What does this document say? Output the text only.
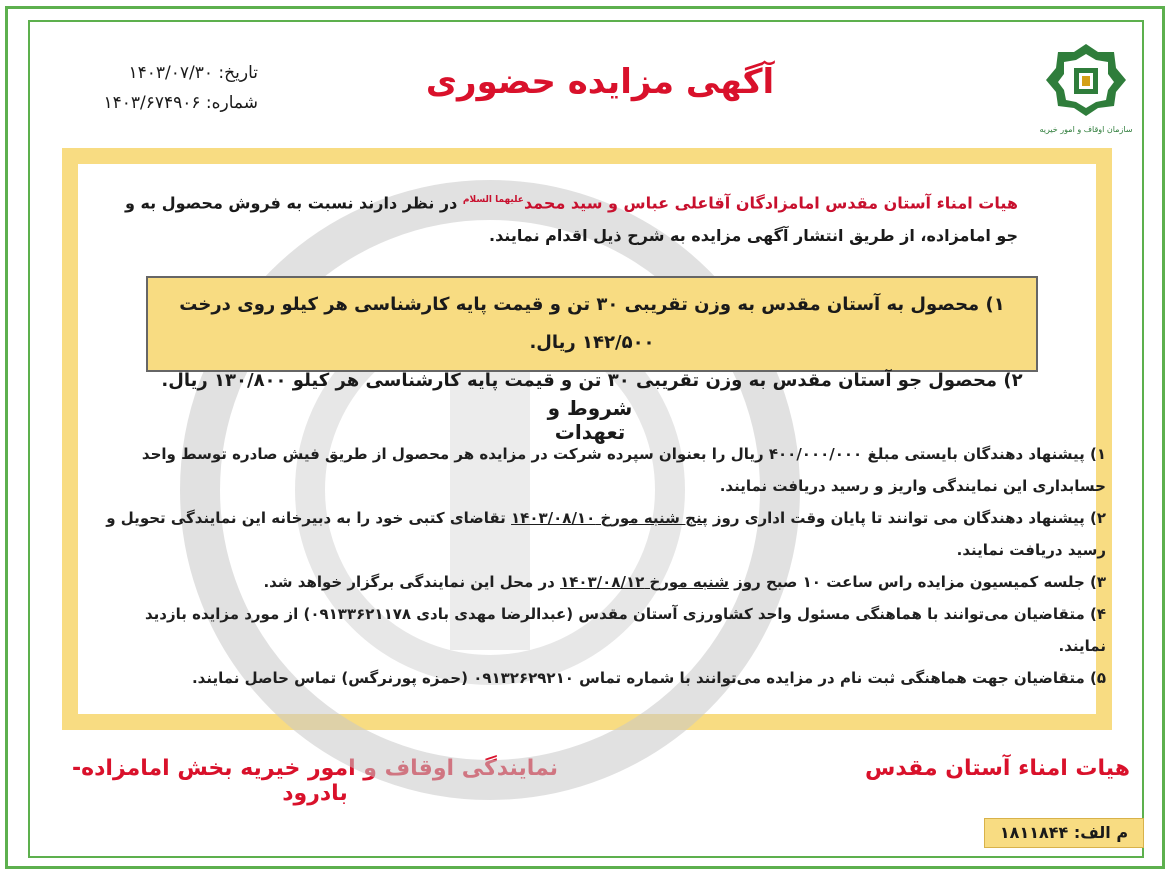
سازمان اوقاف و امور خیریه
آگهی مزایده حضوری
تاریخ: ۱۴۰۳/۰۷/۳۰
شماره: ۱۴۰۳/۶۷۴۹۰۶
هیات امناء آستان مقدس امامزادگان آقاعلی عباس و سید محمد$^{علیهما السلام}$ در نظر دارند نسبت به فروش محصول به و جو امامزاده، از طریق انتشار آگهی مزایده به شرح ذیل اقدام نمایند.
۱) محصول به آستان مقدس به وزن تقریبی ۳۰ تن و قیمت پایه کارشناسی هر کیلو روی درخت ۱۴۲/۵۰۰ ریال.
۲) محصول جو آستان مقدس به وزن تقریبی ۳۰ تن و قیمت پایه کارشناسی هر کیلو ۱۳۰/۸۰۰ ریال.
شروط و تعهدات
۱) پیشنهاد دهندگان بایستی مبلغ ۴۰۰/۰۰۰/۰۰۰ ریال را بعنوان سپرده شرکت در مزایده هر محصول از طریق فیش صادره توسط واحد حسابداری این نمایندگی واریز و رسید دریافت نمایند.
۲) پیشنهاد دهندگان می توانند تا پایان وقت اداری روز پنج شنبه مورخ ۱۴۰۳/۰۸/۱۰ تقاضای کتبی خود را به دبیرخانه این نمایندگی تحویل و رسید دریافت نمایند.
۳) جلسه کمیسیون مزایده راس ساعت ۱۰ صبح روز شنبه مورخ ۱۴۰۳/۰۸/۱۲ در محل این نمایندگی برگزار خواهد شد.
۴) متقاضیان می‌توانند با هماهنگی مسئول واحد کشاورزی آستان مقدس (عبدالرضا مهدی بادی ۰۹۱۳۳۶۲۱۱۷۸) از مورد مزایده بازدید نمایند.
۵) متقاضیان جهت هماهنگی ثبت نام در مزایده می‌توانند با شماره تماس ۰۹۱۳۲۶۲۹۲۱۰ (حمزه پورنرگس) تماس حاصل نمایند.
نمایندگی اوقاف و امور خیریه بخش امامزاده-بادرود
هیات امناء آستان مقدس
م الف: ۱۸۱۱۸۴۴
